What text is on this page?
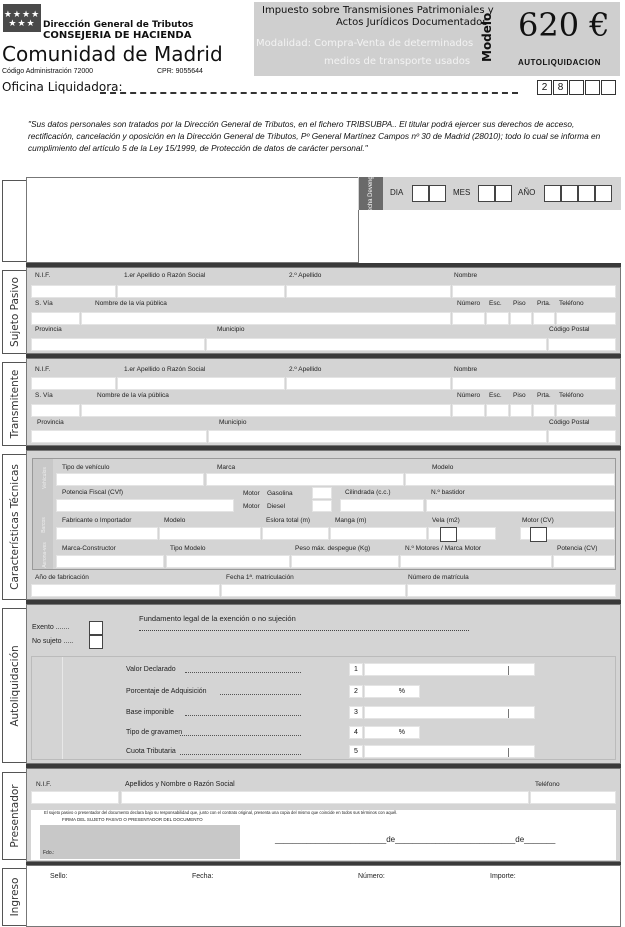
★★★★ ★★★ Dirección General de Tributos
CONSEJERIA DE HACIENDA
Comunidad de Madrid
Código Administración 72000	CPR: 9055644
Oficina Liquidadora:
Impuesto sobre Transmisiones Patrimoniales y
Actos Jurídicos Documentados
Modalidad: Compra-Venta de determinados
medios de transporte usados Modelo 620 €
AUTOLIQUIDACION
2	8
"Sus datos personales son tratados por la Dirección General de Tributos, en el fichero TRIBSUBPA.. El titular podrá ejercer sus derechos de acceso, rectificación, cancelación y oposición en la Dirección General de Tributos, Pº General Martínez Campos nº 30 de Madrid (28010); todo lo cual se informa en cumplimiento del artículo 5 de la Ley 15/1999, de Protección de datos de carácter personal."
Fecha Devengo DIA	MES	AÑO
Sujeto Pasivo
N.I.F.	1.er Apellido o Razón Social	2.º Apellido	Nombre
S. Vía	Nombre de la vía pública	Número Esc. Piso Prta. Teléfono
Provincia	Municipio	Código Postal
Transmitente
N.I.F.	1.er Apellido o Razón Social	2.º Apellido	Nombre
S. Vía	Nombre de la vía pública	Número Esc. Piso Prta. Teléfono
Provincia	Municipio	Código Postal
Características Técnicas	Vehículos
Barcos
Aerona-ves
Tipo de vehículo	Marca	Modelo
Potencia Fiscal (CVf)	Motor Gasolina
Motor Diesel
Cilindrada (c.c.)	N.º bastidor
Fabricante o Importador	Modelo	Eslora total (m)	Manga (m)	Vela (m2)	Motor (CV)
Marca-Constructor	Tipo Modelo	Peso máx. despegue (Kg)	N.º Motores / Marca Motor	Potencia (CV)
Año de fabricación	Fecha 1ª. matriculación	Número de matrícula
Autoliquidación
Exento .......
No sujeto .....
Fundamento legal de la exención o no sujeción
Valor Declarado	1
Porcentaje de Adquisición	2	%
Base imponible	3
Tipo de gravamen	4	%
Cuota Tributaria	5
Presentador N.I.F.	Apellidos y Nombre o Razón Social	Teléfono
El sujeto pasivo o presentador del documento declara bajo su responsabilidad que, junto con el contrato original, presenta una copia del mismo que coincide en todos sus términos con aquél.
FIRMA DEL SUJETO PASIVO O PRESENTADOR DEL DOCUMENTO
Fdo.:
_________________________de___________________________de_______
Ingreso
Sello:	Fecha:	Número:	Importe:
